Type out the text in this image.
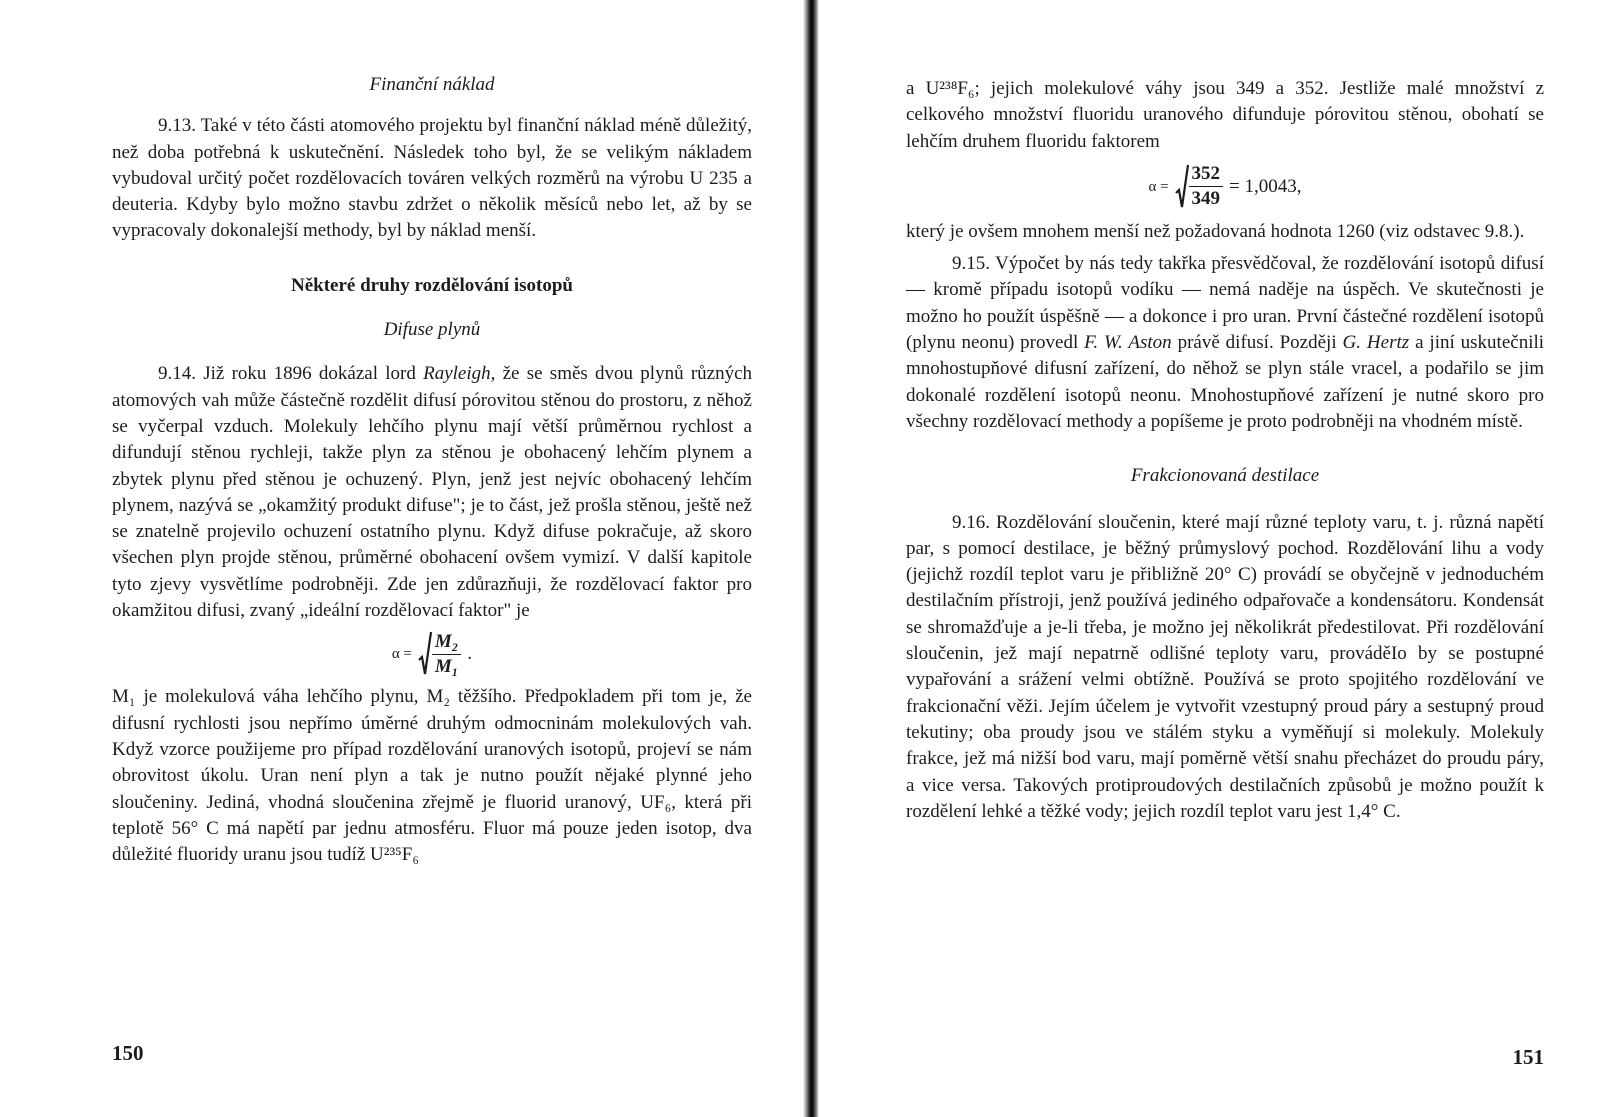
Finanční náklad

9.13. Také v této části atomového projektu byl finanční náklad méně důležitý, než doba potřebná k uskutečnění. Následek toho byl, že se velikým nákladem vybudoval určitý počet rozdělovacích továren velkých rozměrů na výrobu U 235 a deuteria. Kdyby bylo možno stavbu zdržet o několik měsíců nebo let, až by se vypracovaly dokonalejší methody, byl by náklad menší.

Některé druhy rozdělování isotopů

Difuse plynů

9.14. Již roku 1896 dokázal lord Rayleigh, že se směs dvou plynů různých atomových vah může částečně rozdělit difusí pórovitou stěnou do prostoru, z něhož se vyčerpal vzduch. Molekuly lehčího plynu mají větší průměrnou rychlost a difundují stěnou rychleji, takže plyn za stěnou je obohacený lehčím plynem a zbytek plynu před stěnou je ochuzený. Plyn, jenž jest nejvíc obohacený lehčím plynem, nazývá se „okamžitý produkt difuse"; je to část, jež prošla stěnou, ještě než se znatelně projevilo ochuzení ostatního plynu. Když difuse pokračuje, až skoro všechen plyn projde stěnou, průměrné obohacení ovšem vymizí. V další kapitole tyto zjevy vysvětlíme podrobněji. Zde jen zdůrazňuji, že rozdělovací faktor pro okamžitou difusi, zvaný „ideální rozdělovací faktor" je

$\alpha = \frac{\text{M₂}}{\text{M₁}}$ .

M₁ je molekulová váha lehčího plynu, M₂ těžšího. Předpokladem při tom je, že difusní rychlosti jsou nepřímo úměrné druhým odmocninám molekulových vah. Když vzorce použijeme pro případ rozdělování uranových isotopů, projeví se nám obrovitost úkolu. Uran není plyn a tak je nutno použít nějaké plynné jeho sloučeniny. Jediná, vhodná sloučenina zřejmě je fluorid uranový, UF₆, která při teplotě 56° C má napětí par jednu atmosféru. Fluor má pouze jeden isotop, dva důležité fluoridy uranu jsou tudíž U²³⁵F₆

150

a U²³⁸F₆; jejich molekulové váhy jsou 349 a 352. Jestliže malé množství z celkového množství fluoridu uranového difunduje pórovitou stěnou, obohatí se lehčím druhem fluoridu faktorem

$\alpha = \frac{352}{349} = 1,0043$,

který je ovšem mnohem menší než požadovaná hodnota 1260 (viz odstavec 9.8.).

9.15. Výpočet by nás tedy takřka přesvědčoval, že rozdělování isotopů difusí — kromě případu isotopů vodíku — nemá naděje na úspěch. Ve skutečnosti je možno ho použít úspěšně — a dokonce i pro uran. První částečné rozdělení isotopů (plynu neonu) provedl F. W. Aston právě difusí. Později G. Hertz a jiní uskutečnili mnohostupňové difusní zařízení, do něhož se plyn stále vracel, a podařilo se jim dokonalé rozdělení isotopů neonu. Mnohostupňové zařízení je nutné skoro pro všechny rozdělovací methody a popíšeme je proto podrobněji na vhodném místě.

Frakcionovaná destilace

9.16. Rozdělování sloučenin, které mají různé teploty varu, t. j. různá napětí par, s pomocí destilace, je běžný průmyslový pochod. Rozdělování lihu a vody (jejichž rozdíl teplot varu je přibližně 20° C) provádí se obyčejně v jednoduchém destilačním přístroji, jenž používá jediného odpařovače a kondensátoru. Kondensát se shromažďuje a je-li třeba, je možno jej několikrát předestilovat. Při rozdělování sloučenin, jež mají nepatrně odlišné teploty varu, prováděIo by se postupné vypařování a srážení velmi obtížně. Používá se proto spojitého rozdělování ve frakcionační věži. Jejím účelem je vytvořit vzestupný proud páry a sestupný proud tekutiny; oba proudy jsou ve stálém styku a vyměňují si molekuly. Molekuly frakce, jež má nižší bod varu, mají poměrně větší snahu přecházet do proudu páry, a vice versa. Takových protiproudových destilačních způsobů je možno použít k rozdělení lehké a těžké vody; jejich rozdíl teplot varu jest 1,4° C.

151
